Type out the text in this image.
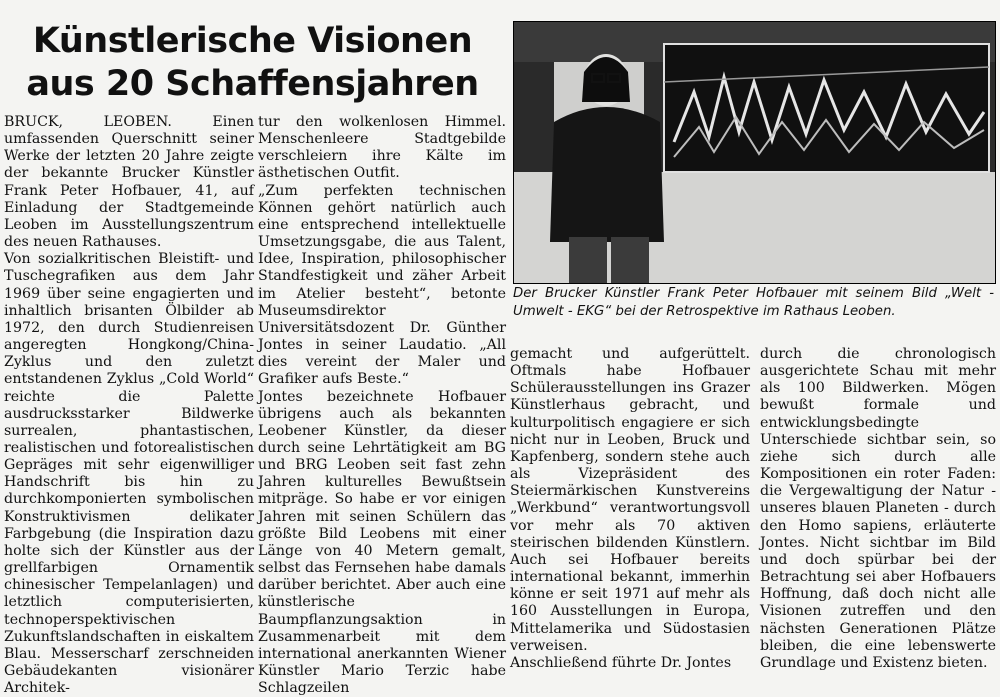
Künstlerische Visionen
aus 20 Schaffensjahren

BRUCK, LEOBEN. Einen umfassenden Querschnitt seiner Werke der letzten 20 Jahre zeigte der bekannte Brucker Künstler Frank Peter Hofbauer, 41, auf Einladung der Stadtgemeinde Leoben im Ausstellungszentrum des neuen Rathauses.

Von sozialkritischen Bleistift- und Tuschegrafiken aus dem Jahr 1969 über seine engagierten und inhaltlich brisanten Ölbilder ab 1972, den durch Studienreisen angeregten Hongkong/China-Zyklus und den zuletzt entstandenen Zyklus „Cold World“ reichte die Palette ausdrucksstarker Bildwerke surrealen, phantastischen, realistischen und fotorealistischen Gepräges mit sehr eigenwilliger Handschrift bis hin zu durchkomponierten symbolischen Konstruktivismen delikater Farbgebung (die Inspiration dazu holte sich der Künstler aus der grellfarbigen Ornamentik chinesischer Tempelanlagen) und letztlich computerisierten, technoperspektivischen Zukunftslandschaften in eiskaltem Blau. Messerscharf zerschneiden Gebäudekanten visionärer Architek-

tur den wolkenlosen Himmel. Menschenleere Stadtgebilde verschleiern ihre Kälte im ästhetischen Outfit.

„Zum perfekten technischen Können gehört natürlich auch eine entsprechend intellektuelle Umsetzungsgabe, die aus Talent, Idee, Inspiration, philosophischer Standfestigkeit und zäher Arbeit im Atelier besteht“, betonte Museumsdirektor Universitätsdozent Dr. Günther Jontes in seiner Laudatio. „All dies vereint der Maler und Grafiker aufs Beste.“

Jontes bezeichnete Hofbauer übrigens auch als bekannten Leobener Künstler, da dieser durch seine Lehrtätigkeit am BG und BRG Leoben seit fast zehn Jahren kulturelles Bewußtsein mitpräge. So habe er vor einigen Jahren mit seinen Schülern das größte Bild Leobens mit einer Länge von 40 Metern gemalt, selbst das Fernsehen habe damals darüber berichtet. Aber auch eine künstlerische Baumpflanzungsaktion in Zusammenarbeit mit dem international anerkannten Wiener Künstler Mario Terzic habe Schlagzeilen

Der Brucker Künstler Frank Peter Hofbauer mit seinem Bild „Welt - Umwelt - EKG“ bei der Retrospektive im Rathaus Leoben.

gemacht und aufgerüttelt. Oftmals habe Hofbauer Schülerausstellungen ins Grazer Künstlerhaus gebracht, und kulturpolitisch engagiere er sich nicht nur in Leoben, Bruck und Kapfenberg, sondern stehe auch als Vizepräsident des Steiermärkischen Kunstvereins „Werkbund“ verantwortungsvoll vor mehr als 70 aktiven steirischen bildenden Künstlern. Auch sei Hofbauer bereits international bekannt, immerhin könne er seit 1971 auf mehr als 160 Ausstellungen in Europa, Mittelamerika und Südostasien verweisen.

Anschließend führte Dr. Jontes

durch die chronologisch ausgerichtete Schau mit mehr als 100 Bildwerken. Mögen bewußt formale und entwicklungsbedingte Unterschiede sichtbar sein, so ziehe sich durch alle Kompositionen ein roter Faden: die Vergewaltigung der Natur - unseres blauen Planeten - durch den Homo sapiens, erläuterte Jontes. Nicht sichtbar im Bild und doch spürbar bei der Betrachtung sei aber Hofbauers Hoffnung, daß doch nicht alle Visionen zutreffen und den nächsten Generationen Plätze bleiben, die eine lebenswerte Grundlage und Existenz bieten.
